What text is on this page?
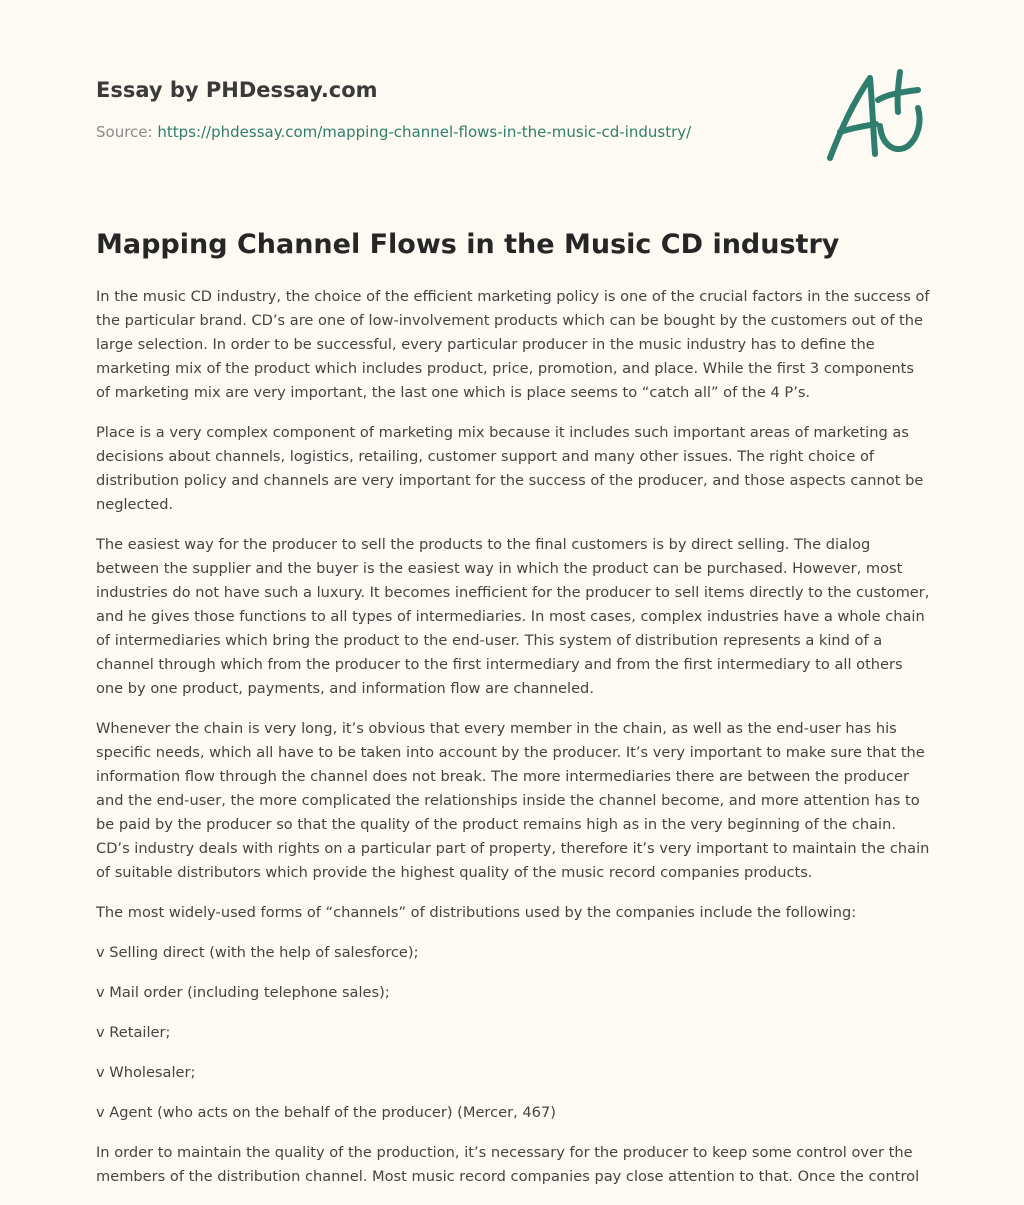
Essay by PHDessay.com
Source: https://phdessay.com/mapping-channel-flows-in-the-music-cd-industry/
Mapping Channel Flows in the Music CD industry

In the music CD industry, the choice of the efficient marketing policy is one of the crucial factors in the success of the particular brand. CD’s are one of low-involvement products which can be bought by the customers out of the large selection. In order to be successful, every particular producer in the music industry has to define the marketing mix of the product which includes product, price, promotion, and place. While the first 3 components of marketing mix are very important, the last one which is place seems to “catch all” of the 4 P’s.

Place is a very complex component of marketing mix because it includes such important areas of marketing as decisions about channels, logistics, retailing, customer support and many other issues. The right choice of distribution policy and channels are very important for the success of the producer, and those aspects cannot be neglected.

The easiest way for the producer to sell the products to the final customers is by direct selling. The dialog between the supplier and the buyer is the easiest way in which the product can be purchased. However, most industries do not have such a luxury. It becomes inefficient for the producer to sell items directly to the customer, and he gives those functions to all types of intermediaries. In most cases, complex industries have a whole chain of intermediaries which bring the product to the end-user. This system of distribution represents a kind of a channel through which from the producer to the first intermediary and from the first intermediary to all others one by one product, payments, and information flow are channeled.

Whenever the chain is very long, it’s obvious that every member in the chain, as well as the end-user has his specific needs, which all have to be taken into account by the producer. It’s very important to make sure that the information flow through the channel does not break. The more intermediaries there are between the producer and the end-user, the more complicated the relationships inside the channel become, and more attention has to be paid by the producer so that the quality of the product remains high as in the very beginning of the chain. CD’s industry deals with rights on a particular part of property, therefore it’s very important to maintain the chain of suitable distributors which provide the highest quality of the music record companies products.

The most widely-used forms of “channels” of distributions used by the companies include the following:

v Selling direct (with the help of salesforce);

v Mail order (including telephone sales);

v Retailer;

v Wholesaler;

v Agent (who acts on the behalf of the producer) (Mercer, 467)

In order to maintain the quality of the production, it’s necessary for the producer to keep some control over the members of the distribution channel. Most music record companies pay close attention to that. Once the control
